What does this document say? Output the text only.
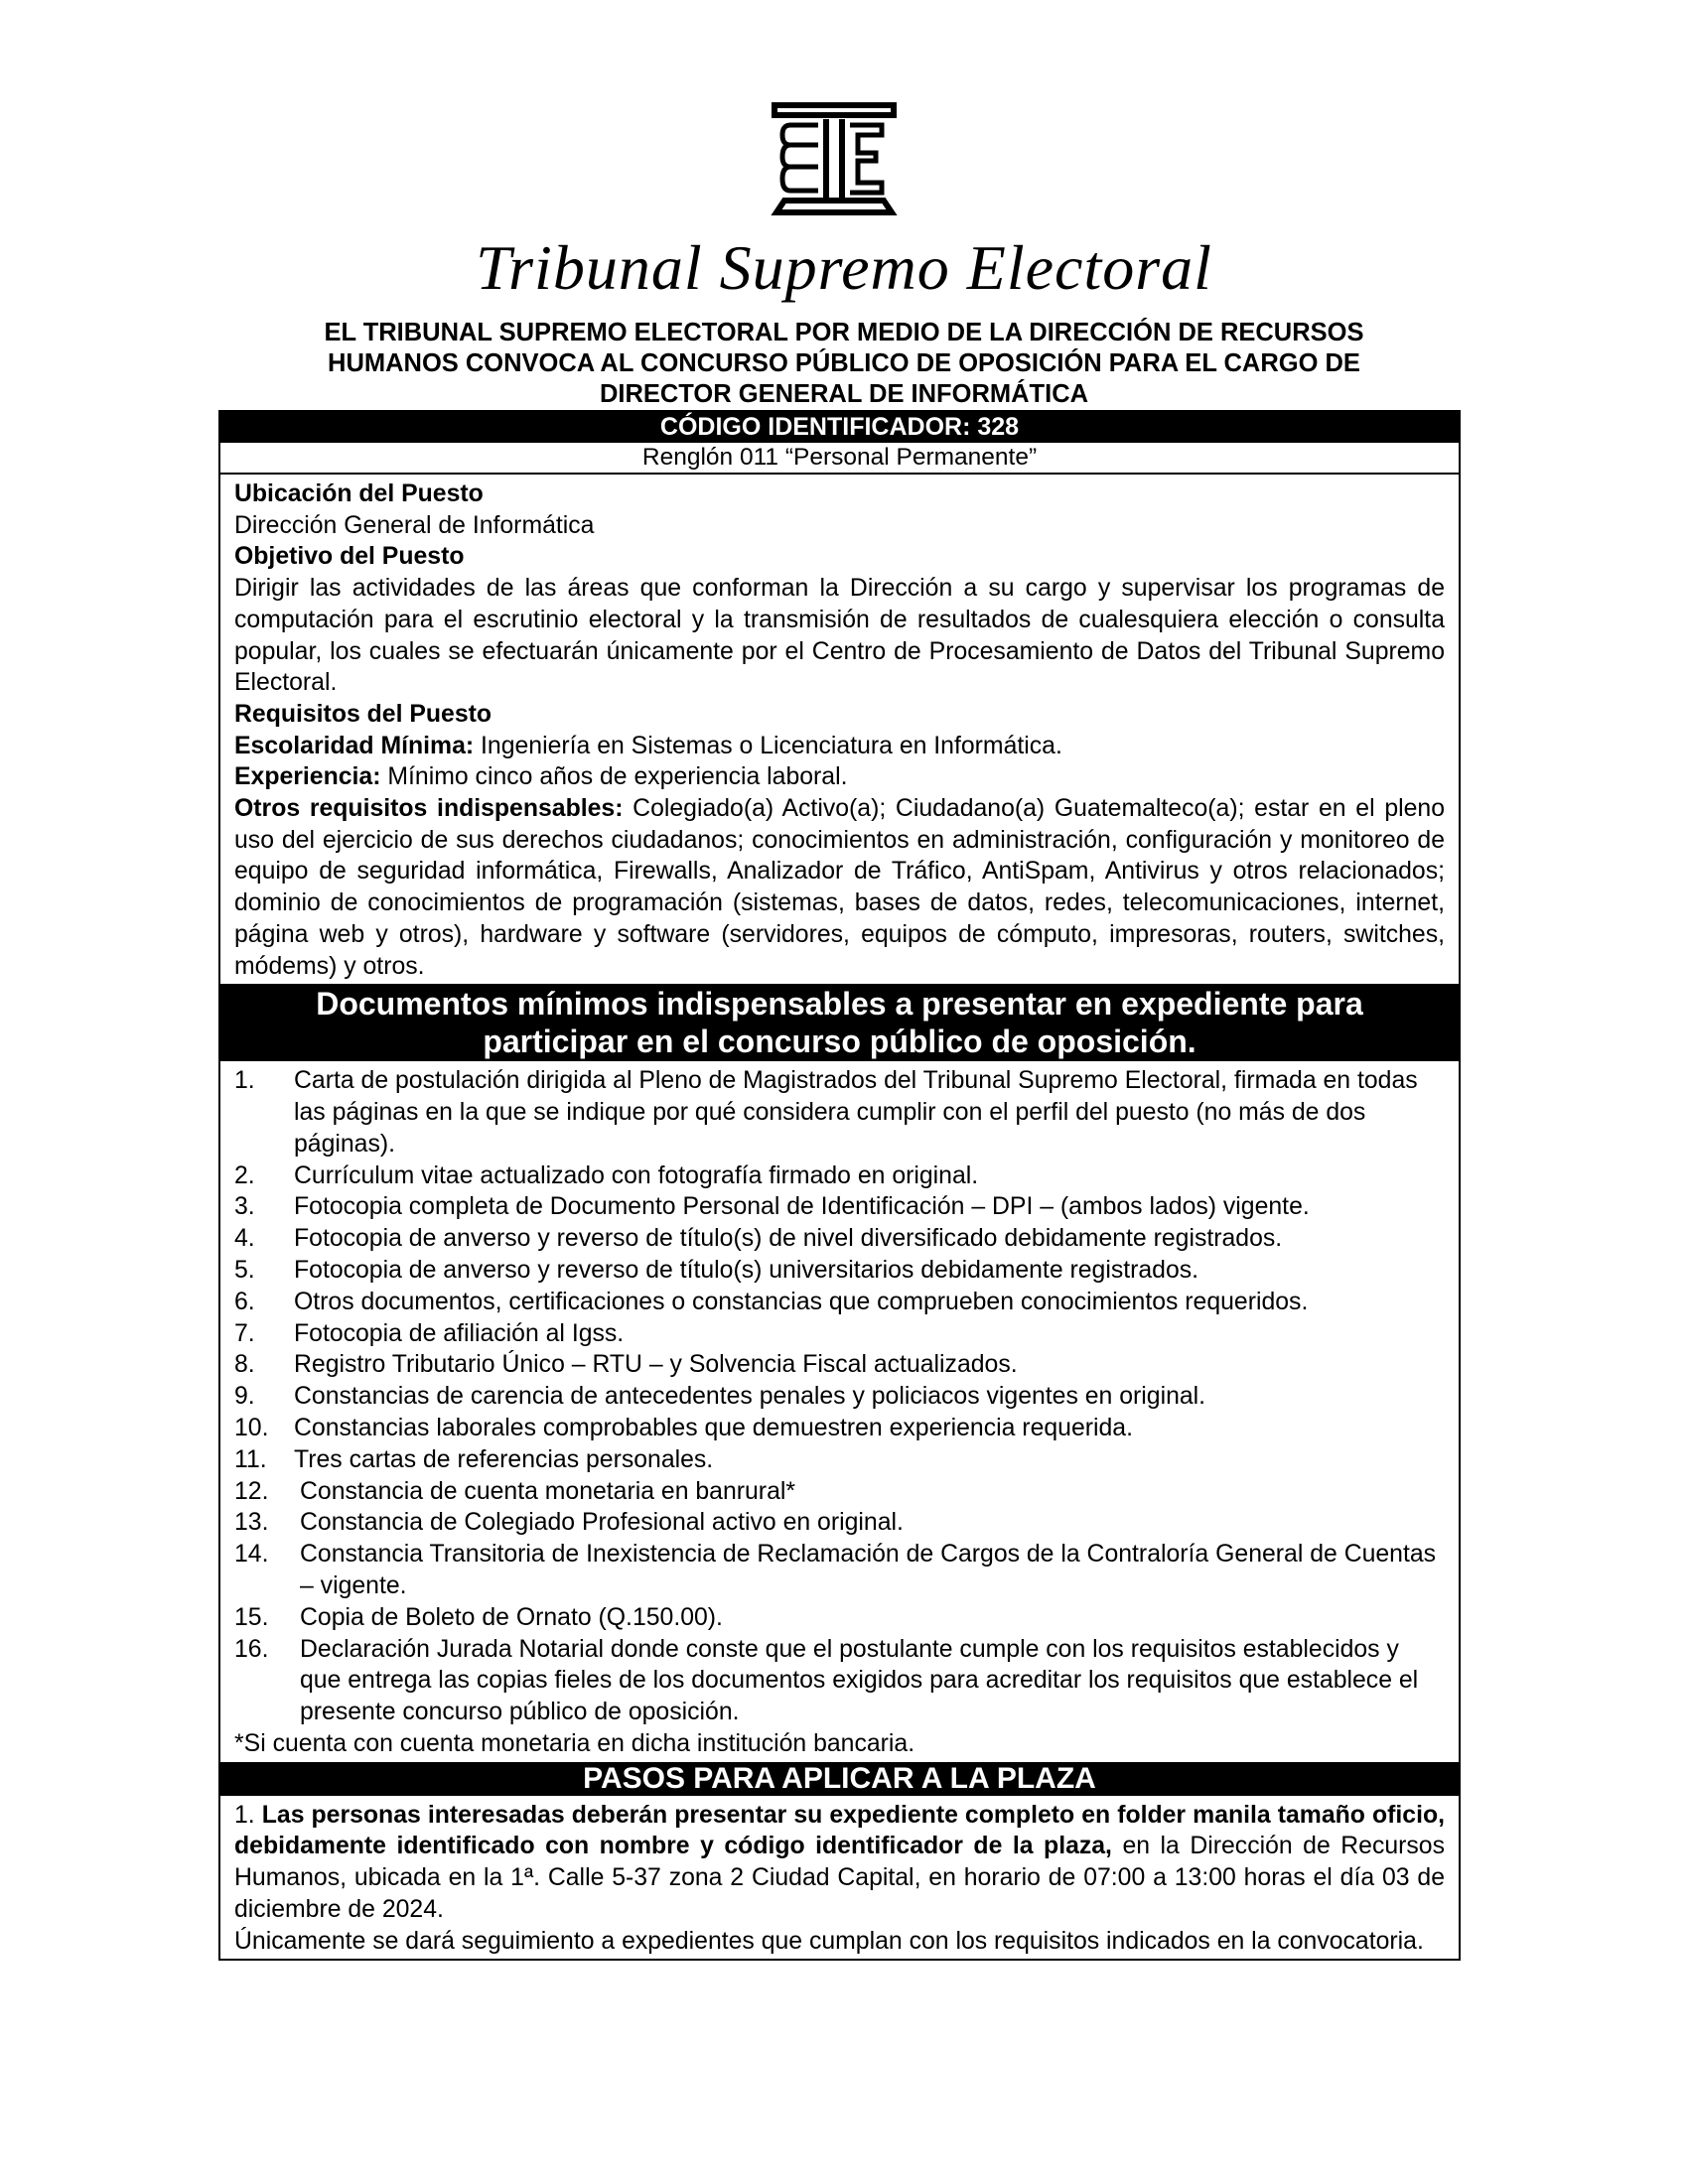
Tribunal Supremo Electoral
EL TRIBUNAL SUPREMO ELECTORAL POR MEDIO DE LA DIRECCIÓN DE RECURSOS
HUMANOS CONVOCA AL CONCURSO PÚBLICO DE OPOSICIÓN PARA EL CARGO DE
DIRECTOR GENERAL DE INFORMÁTICA
CÓDIGO IDENTIFICADOR: 328
Renglón 011 “Personal Permanente”

Ubicación del Puesto

Dirección General de Informática

Objetivo del Puesto

Dirigir las actividades de las áreas que conforman la Dirección a su cargo y supervisar los programas de computación para el escrutinio electoral y la transmisión de resultados de cualesquiera elección o consulta popular, los cuales se efectuarán únicamente por el Centro de Procesamiento de Datos del Tribunal Supremo Electoral.

Requisitos del Puesto

Escolaridad Mínima: Ingeniería en Sistemas o Licenciatura en Informática.

Experiencia: Mínimo cinco años de experiencia laboral.

Otros requisitos indispensables: Colegiado(a) Activo(a); Ciudadano(a) Guatemalteco(a); estar en el pleno uso del ejercicio de sus derechos ciudadanos; conocimientos en administración, configuración y monitoreo de equipo de seguridad informática, Firewalls, Analizador de Tráfico, AntiSpam, Antivirus y otros relacionados; dominio de conocimientos de programación (sistemas, bases de datos, redes, telecomunicaciones, internet, página web y otros), hardware y software (servidores, equipos de cómputo, impresoras, routers, switches, módems) y otros.

Documentos mínimos indispensables a presentar en expediente para
participar en el concurso público de oposición.
1.	Carta de postulación dirigida al Pleno de Magistrados del Tribunal Supremo Electoral, firmada en todas las páginas en la que se indique por qué considera cumplir con el perfil del puesto (no más de dos páginas).
2.	Currículum vitae actualizado con fotografía firmado en original.
3.	Fotocopia completa de Documento Personal de Identificación – DPI – (ambos lados) vigente.
4.	Fotocopia de anverso y reverso de título(s) de nivel diversificado debidamente registrados.
5.	Fotocopia de anverso y reverso de título(s) universitarios debidamente registrados.
6.	Otros documentos, certificaciones o constancias que comprueben conocimientos requeridos.
7.	Fotocopia de afiliación al Igss.
8.	Registro Tributario Único – RTU – y Solvencia Fiscal actualizados.
9.	Constancias de carencia de antecedentes penales y policiacos vigentes en original.
10.	Constancias laborales comprobables que demuestren experiencia requerida.
11.	Tres cartas de referencias personales.
12.	Constancia de cuenta monetaria en banrural*
13.	Constancia de Colegiado Profesional activo en original.
14.	Constancia Transitoria de Inexistencia de Reclamación de Cargos de la Contraloría General de Cuentas – vigente.
15.	Copia de Boleto de Ornato (Q.150.00).
16.	Declaración Jurada Notarial donde conste que el postulante cumple con los requisitos establecidos y que entrega las copias fieles de los documentos exigidos para acreditar los requisitos que establece el presente concurso público de oposición.
*Si cuenta con cuenta monetaria en dicha institución bancaria.
PASOS PARA APLICAR A LA PLAZA

1. Las personas interesadas deberán presentar su expediente completo en folder manila tamaño oficio, debidamente identificado con nombre y código identificador de la plaza, en la Dirección de Recursos Humanos, ubicada en la 1ª. Calle 5-37 zona 2 Ciudad Capital, en horario de 07:00 a 13:00 horas el día 03 de diciembre de 2024.

Únicamente se dará seguimiento a expedientes que cumplan con los requisitos indicados en la convocatoria.
